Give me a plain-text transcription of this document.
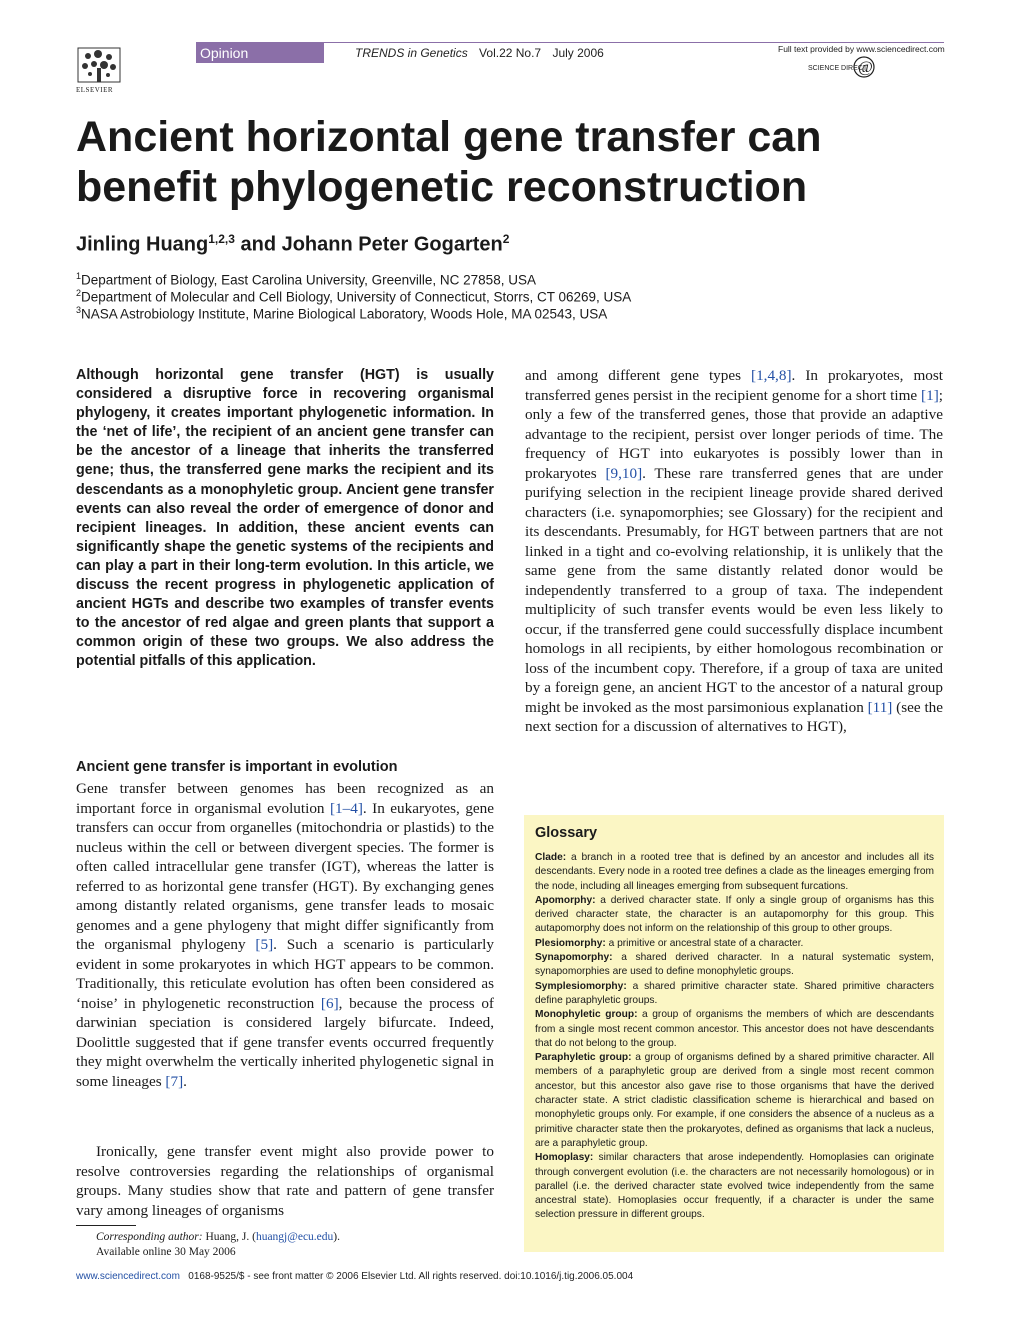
ELSEVIER
Opinion	TRENDS in Genetics Vol.22 No.7 July 2006	Full text provided by www.sciencedirect.com
SCIENCE DIRECT
@
Ancient horizontal gene transfer can benefit phylogenetic reconstruction
Jinling Huang$^{1,2,3}$ and Johann Peter Gogarten$^2$
$^1$Department of Biology, East Carolina University, Greenville, NC 27858, USA
$^2$Department of Molecular and Cell Biology, University of Connecticut, Storrs, CT 06269, USA
$^3$NASA Astrobiology Institute, Marine Biological Laboratory, Woods Hole, MA 02543, USA

Although horizontal gene transfer (HGT) is usually considered a disruptive force in recovering organismal phylogeny, it creates important phylogenetic information. In the ‘net of life’, the recipient of an ancient gene transfer can be the ancestor of a lineage that inherits the transferred gene; thus, the transferred gene marks the recipient and its descendants as a monophyletic group. Ancient gene transfer events can also reveal the order of emergence of donor and recipient lineages. In addition, these ancient events can significantly shape the genetic systems of the recipients and can play a part in their long-term evolution. In this article, we discuss the recent progress in phylogenetic application of ancient HGTs and describe two examples of transfer events to the ancestor of red algae and green plants that support a common origin of these two groups. We also address the potential pitfalls of this application.

Ancient gene transfer is important in evolution

Gene transfer between genomes has been recognized as an important force in organismal evolution [1–4]. In eukaryotes, gene transfers can occur from organelles (mitochondria or plastids) to the nucleus within the cell or between divergent species. The former is often called intracellular gene transfer (IGT), whereas the latter is referred to as horizontal gene transfer (HGT). By exchanging genes among distantly related organisms, gene transfer leads to mosaic genomes and a gene phylogeny that might differ significantly from the organismal phylogeny [5]. Such a scenario is particularly evident in some prokaryotes in which HGT appears to be common. Traditionally, this reticulate evolution has often been considered as ‘noise’ in phylogenetic reconstruction [6], because the process of darwinian speciation is considered largely bifurcate. Indeed, Doolittle suggested that if gene transfer events occurred frequently they might overwhelm the vertically inherited phylogenetic signal in some lineages [7].

Ironically, gene transfer event might also provide power to resolve controversies regarding the relationships of organismal groups. Many studies show that rate and pattern of gene transfer vary among lineages of organisms

and among different gene types [1,4,8]. In prokaryotes, most transferred genes persist in the recipient genome for a short time [1]; only a few of the transferred genes, those that provide an adaptive advantage to the recipient, persist over longer periods of time. The frequency of HGT into eukaryotes is possibly lower than in prokaryotes [9,10]. These rare transferred genes that are under purifying selection in the recipient lineage provide shared derived characters (i.e. synapomorphies; see Glossary) for the recipient and its descendants. Presumably, for HGT between partners that are not linked in a tight and co-evolving relationship, it is unlikely that the same gene from the same distantly related donor would be independently transferred to a group of taxa. The independent multiplicity of such transfer events would be even less likely to occur, if the transferred gene could successfully displace incumbent homologs in all recipients, by either homologous recombination or loss of the incumbent copy. Therefore, if a group of taxa are united by a foreign gene, an ancient HGT to the ancestor of a natural group might be invoked as the most parsimonious explanation [11] (see the next section for a discussion of alternatives to HGT),

Glossary

Clade: a branch in a rooted tree that is defined by an ancestor and includes all its descendants. Every node in a rooted tree defines a clade as the lineages emerging from the node, including all lineages emerging from subsequent furcations.

Apomorphy: a derived character state. If only a single group of organisms has this derived character state, the character is an autapomorphy for this group. This autapomorphy does not inform on the relationship of this group to other groups.

Plesiomorphy: a primitive or ancestral state of a character.

Synapomorphy: a shared derived character. In a natural systematic system, synapomorphies are used to define monophyletic groups.

Symplesiomorphy: a shared primitive character state. Shared primitive characters define paraphyletic groups.

Monophyletic group: a group of organisms the members of which are descendants from a single most recent common ancestor. This ancestor does not have descendants that do not belong to the group.

Paraphyletic group: a group of organisms defined by a shared primitive character. All members of a paraphyletic group are derived from a single most recent common ancestor, but this ancestor also gave rise to those organisms that have the derived character state. A strict cladistic classification scheme is hierarchical and based on monophyletic groups only. For example, if one considers the absence of a nucleus as a primitive character state then the prokaryotes, defined as organisms that lack a nucleus, are a paraphyletic group.

Homoplasy: similar characters that arose independently. Homoplasies can originate through convergent evolution (i.e. the characters are not necessarily homologous) or in parallel (i.e. the derived character state evolved twice independently from the same ancestral state). Homoplasies occur frequently, if a character is under the same selection pressure in different groups.

Corresponding author: Huang, J. (huangj@ecu.edu).
Available online 30 May 2006
www.sciencedirect.com 0168-9525/$ - see front matter © 2006 Elsevier Ltd. All rights reserved. doi:10.1016/j.tig.2006.05.004
